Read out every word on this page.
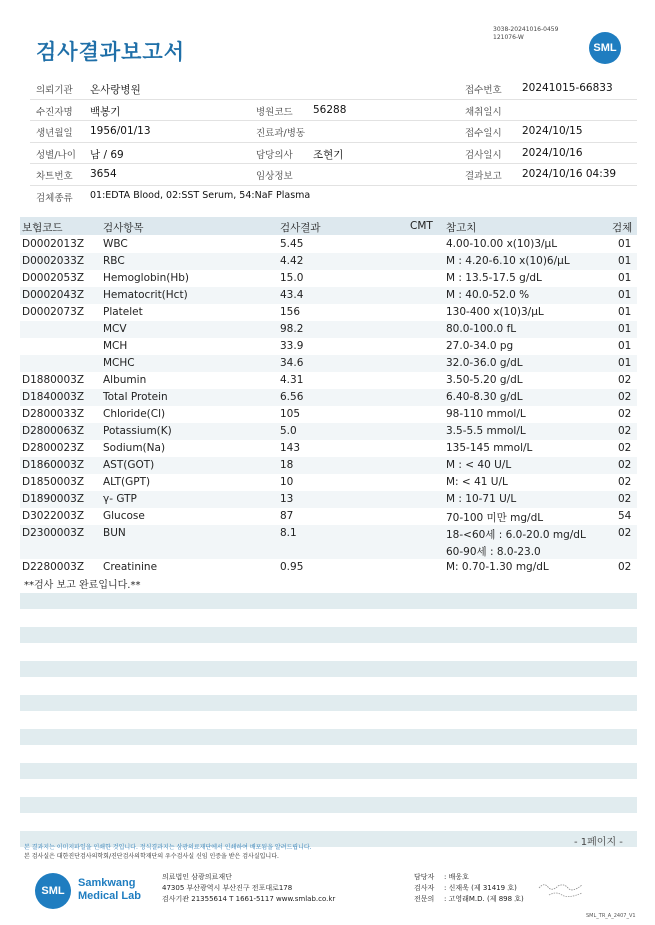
검사결과보고서
3038-20241016-0459
121076-W
SML
의뢰기관 온사랑병원	접수번호 20241015-66833
수진자명 백봉기	병원코드 56288	채취일시
생년월일 1956/01/13	진료과/병동	접수일시 2024/10/15
성별/나이 남 / 69	담당의사 조현기	검사일시 2024/10/16
차트번호 3654	임상정보	결과보고 2024/10/16 04:39
검체종류 01:EDTA Blood, 02:SST Serum, 54:NaF Plasma
보험코드	검사항목	검사결과	CMT 참고치	검체
D0002013Z WBC	5.45	4.00-10.00 x(10)3/μL	01
D0002033Z RBC	4.42	M : 4.20-6.10 x(10)6/μL	01
D0002053Z Hemoglobin(Hb)	15.0	M : 13.5-17.5 g/dL	01
D0002043Z Hematocrit(Hct)	43.4	M : 40.0-52.0 %	01
D0002073Z Platelet	156	130-400 x(10)3/μL	01
MCV	98.2	80.0-100.0 fL	01
MCH	33.9	27.0-34.0 pg	01
MCHC	34.6	32.0-36.0 g/dL	01
D1880003Z Albumin	4.31	3.50-5.20 g/dL	02
D1840003Z Total Protein	6.56	6.40-8.30 g/dL	02
D2800033Z Chloride(Cl)	105	98-110 mmol/L	02
D2800063Z Potassium(K)	5.0	3.5-5.5 mmol/L	02
D2800023Z Sodium(Na)	143	135-145 mmol/L	02
D1860003Z AST(GOT)	18	M : < 40 U/L	02
D1850003Z ALT(GPT)	10	M: < 41 U/L	02
D1890003Z γ- GTP	13	M : 10-71 U/L	02
D3022003Z Glucose	87	70-100 미만 mg/dL	54
D2300003Z BUN	8.1	18-<60세 : 6.0-20.0 mg/dL	02
60-90세 : 8.0-23.0
D2280003Z Creatinine	0.95	M: 0.70-1.30 mg/dL	02
**검사 보고 완료입니다.**
- 1페이지 -
본 결과지는 이미지파일을 인쇄한 것입니다. 정식결과지는 삼광의료재단에서 인쇄하여 배포됨을 알려드립니다.
본 검사실은 대한진단검사의학회/진단검사의학재단의 우수검사실 신임 인증을 받은 검사실입니다.
SML
Samkwang
Medical Lab
의료법인 삼광의료재단
47305 부산광역시 부산진구 전포대로178
검사기관 21355614 T 1661-5117 www.smlab.co.kr
담당자 : 배웅호
검사자 : 신재욱 (제 31419 호)
전문의 : 고영래M.D. (제 898 호)
SML_TR_A_2407_V1
